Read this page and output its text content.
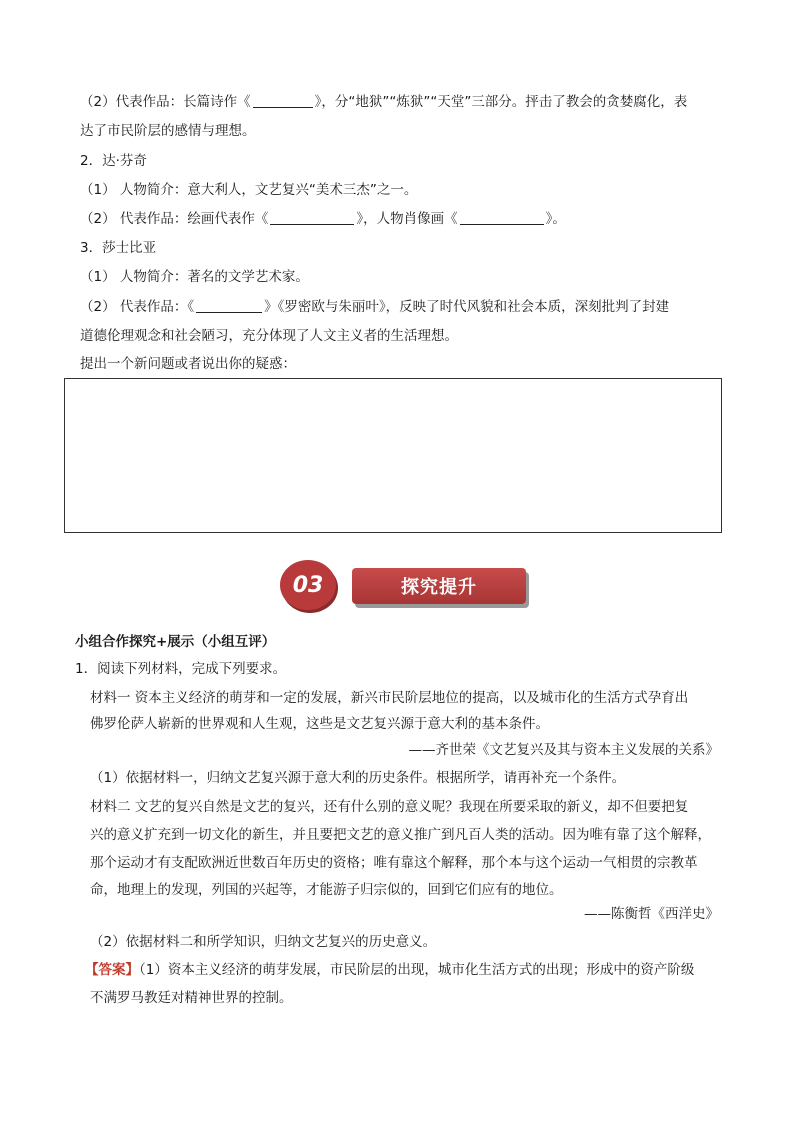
（2）代表作品：长篇诗作《	》，分“地狱”“炼狱”“天堂”三部分。抨击了教会的贪婪腐化，表
达了市民阶层的感情与理想。
2．达·芬奇
（1） 人物简介：意大利人，文艺复兴“美术三杰”之一。
（2） 代表作品：绘画代表作《	》，人物肖像画《	》。
3．莎士比亚
（1） 人物简介：著名的文学艺术家。
（2） 代表作品：《	》《罗密欧与朱丽叶》，反映了时代风貌和社会本质，深刻批判了封建
道德伦理观念和社会陋习，充分体现了人文主义者的生活理想。
提出一个新问题或者说出你的疑惑：
03	探究提升
小组合作探究+展示（小组互评）
1．阅读下列材料，完成下列要求。
材料一 资本主义经济的萌芽和一定的发展，新兴市民阶层地位的提高，以及城市化的生活方式孕育出
佛罗伦萨人崭新的世界观和人生观，这些是文艺复兴源于意大利的基本条件。
——齐世荣《文艺复兴及其与资本主义发展的关系》
（1）依据材料一，归纳文艺复兴源于意大利的历史条件。根据所学，请再补充一个条件。
材料二 文艺的复兴自然是文艺的复兴，还有什么别的意义呢？我现在所要采取的新义，却不但要把复
兴的意义扩充到一切文化的新生，并且要把文艺的意义推广到凡百人类的活动。因为唯有靠了这个解释，
那个运动才有支配欧洲近世数百年历史的资格；唯有靠这个解释，那个本与这个运动一气相贯的宗教革
命，地理上的发现，列国的兴起等，才能游子归宗似的，回到它们应有的地位。
——陈衡哲《西洋史》
（2）依据材料二和所学知识，归纳文艺复兴的历史意义。
【答案】（1）资本主义经济的萌芽发展，市民阶层的出现，城市化生活方式的出现；形成中的资产阶级
不满罗马教廷对精神世界的控制。
